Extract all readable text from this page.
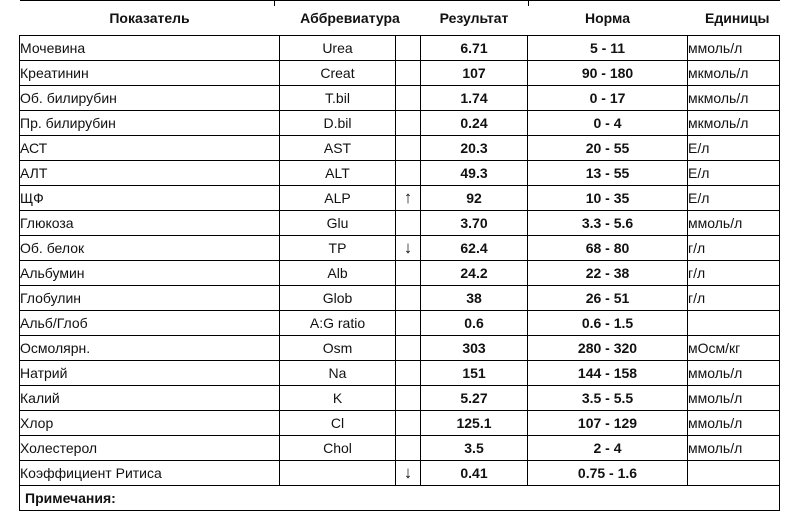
Показатель	Аббревиатура		Результат	Норма	Единицы
Мочевина	Urea		6.71	5 - 11	ммоль/л
Креатинин	Creat		107	90 - 180	мкмоль/л
Об. билирубин	T.bil		1.74	0 - 17	мкмоль/л
Пр. билирубин	D.bil		0.24	0 - 4	мкмоль/л
АСТ	AST		20.3	20 - 55	Е/л
АЛТ	ALT		49.3	13 - 55	Е/л
ЩФ	ALP	↑	92	10 - 35	Е/л
Глюкоза	Glu		3.70	3.3 - 5.6	ммоль/л
Об. белок	TP	↓	62.4	68 - 80	г/л
Альбумин	Alb		24.2	22 - 38	г/л
Глобулин	Glob		38	26 - 51	г/л
Альб/Глоб	A:G ratio		0.6	0.6 - 1.5	
Осмолярн.	Osm		303	280 - 320	мОсм/кг
Натрий	Na		151	144 - 158	ммоль/л
Калий	K		5.27	3.5 - 5.5	ммоль/л
Хлор	Cl		125.1	107 - 129	ммоль/л
Холестерол	Chol		3.5	2 - 4	ммоль/л
Коэффициент Ритиса		↓	0.41	0.75 - 1.6	
Примечания:					
